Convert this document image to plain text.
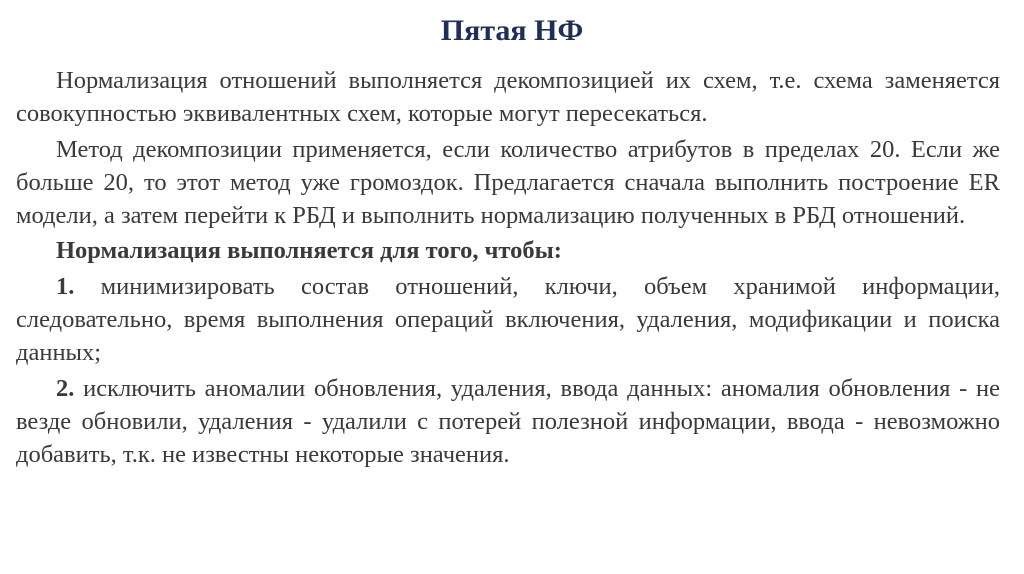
Пятая НФ

Нормализация отношений выполняется декомпозицией их схем, т.е. схема заменяется совокупностью эквивалентных схем, которые могут пересекаться.

Метод декомпозиции применяется, если количество атрибутов в пределах 20. Если же больше 20, то этот метод уже громоздок. Предлагается сначала выполнить построение ER модели, а затем перейти к РБД и выполнить нормализацию полученных в РБД отношений.

Нормализация выполняется для того, чтобы:

1. минимизировать состав отношений, ключи, объем хранимой информации, следовательно, время выполнения операций включения, удаления, модификации и поиска данных;

2. исключить аномалии обновления, удаления, ввода данных: аномалия обновления - не везде обновили, удаления - удалили с потерей полезной информации, ввода - невозможно добавить, т.к. не известны некоторые значения.
